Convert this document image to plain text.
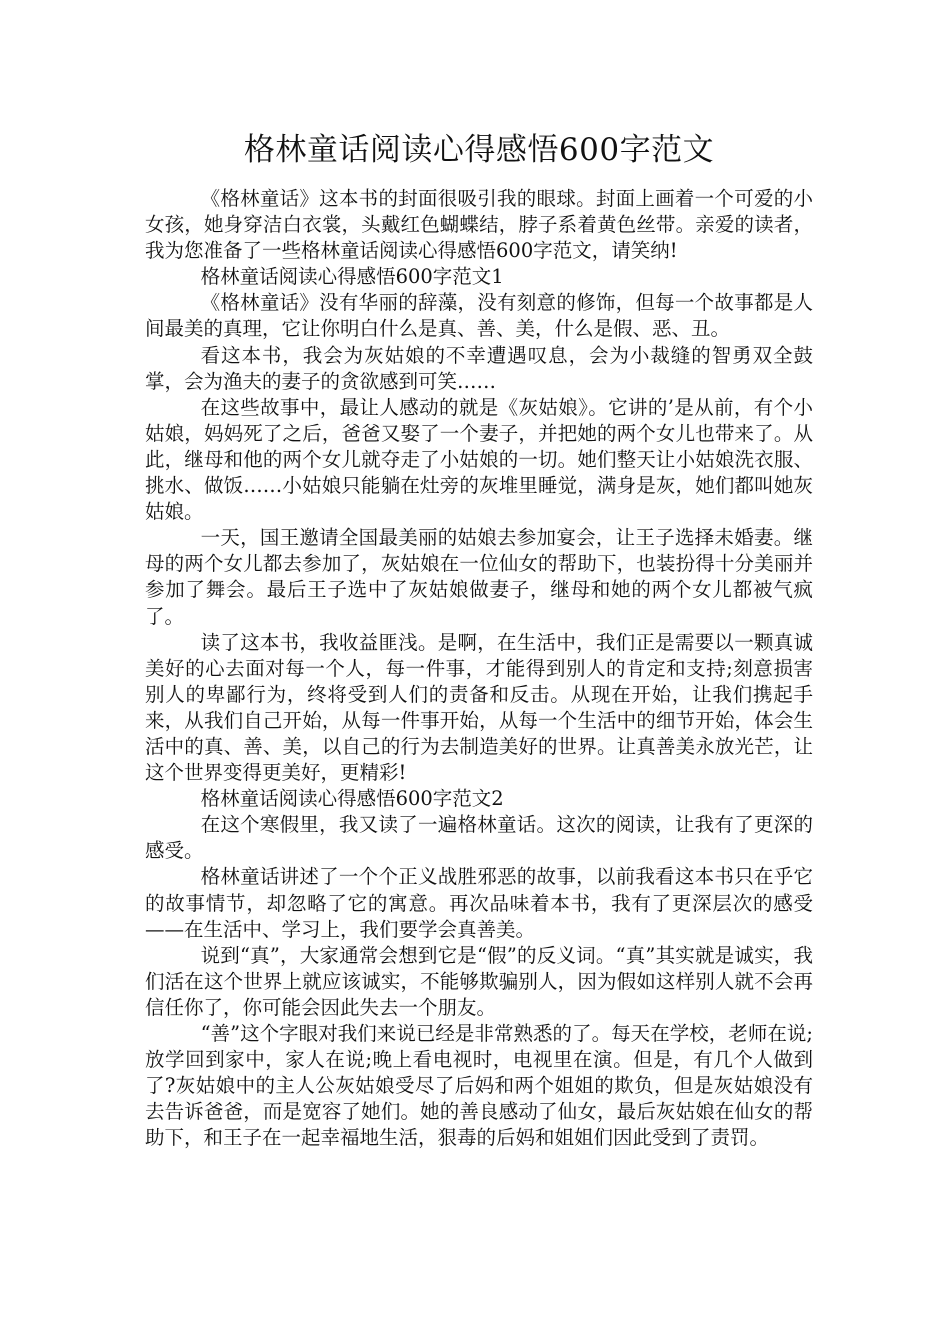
格林童话阅读心得感悟600字范文

《格林童话》这本书的封面很吸引我的眼球。封面上画着一个可爱的小女孩，她身穿洁白衣裳，头戴红色蝴蝶结，脖子系着黄色丝带。亲爱的读者，我为您准备了一些格林童话阅读心得感悟600字范文，请笑纳!

格林童话阅读心得感悟600字范文1

《格林童话》没有华丽的辞藻，没有刻意的修饰，但每一个故事都是人间最美的真理，它让你明白什么是真、善、美，什么是假、恶、丑。

看这本书，我会为灰姑娘的不幸遭遇叹息，会为小裁缝的智勇双全鼓掌，会为渔夫的妻子的贪欲感到可笑……

在这些故事中，最让人感动的就是《灰姑娘》。它讲的’是从前，有个小姑娘，妈妈死了之后，爸爸又娶了一个妻子，并把她的两个女儿也带来了。从此，继母和他的两个女儿就夺走了小姑娘的一切。她们整天让小姑娘洗衣服、挑水、做饭……小姑娘只能躺在灶旁的灰堆里睡觉，满身是灰，她们都叫她灰姑娘。

一天，国王邀请全国最美丽的姑娘去参加宴会，让王子选择未婚妻。继母的两个女儿都去参加了，灰姑娘在一位仙女的帮助下，也装扮得十分美丽并参加了舞会。最后王子选中了灰姑娘做妻子，继母和她的两个女儿都被气疯了。

读了这本书，我收益匪浅。是啊，在生活中，我们正是需要以一颗真诚美好的心去面对每一个人，每一件事，才能得到别人的肯定和支持;刻意损害别人的卑鄙行为，终将受到人们的责备和反击。从现在开始，让我们携起手来，从我们自己开始，从每一件事开始，从每一个生活中的细节开始，体会生活中的真、善、美，以自己的行为去制造美好的世界。让真善美永放光芒，让这个世界变得更美好，更精彩!

格林童话阅读心得感悟600字范文2

在这个寒假里，我又读了一遍格林童话。这次的阅读，让我有了更深的感受。

格林童话讲述了一个个正义战胜邪恶的故事，以前我看这本书只在乎它的故事情节，却忽略了它的寓意。再次品味着本书，我有了更深层次的感受——在生活中、学习上，我们要学会真善美。

说到“真”，大家通常会想到它是“假”的反义词。“真”其实就是诚实，我们活在这个世界上就应该诚实，不能够欺骗别人，因为假如这样别人就不会再信任你了，你可能会因此失去一个朋友。

“善”这个字眼对我们来说已经是非常熟悉的了。每天在学校，老师在说;放学回到家中，家人在说;晚上看电视时，电视里在演。但是，有几个人做到了?灰姑娘中的主人公灰姑娘受尽了后妈和两个姐姐的欺负，但是灰姑娘没有去告诉爸爸，而是宽容了她们。她的善良感动了仙女，最后灰姑娘在仙女的帮助下，和王子在一起幸福地生活，狠毒的后妈和姐姐们因此受到了责罚。
